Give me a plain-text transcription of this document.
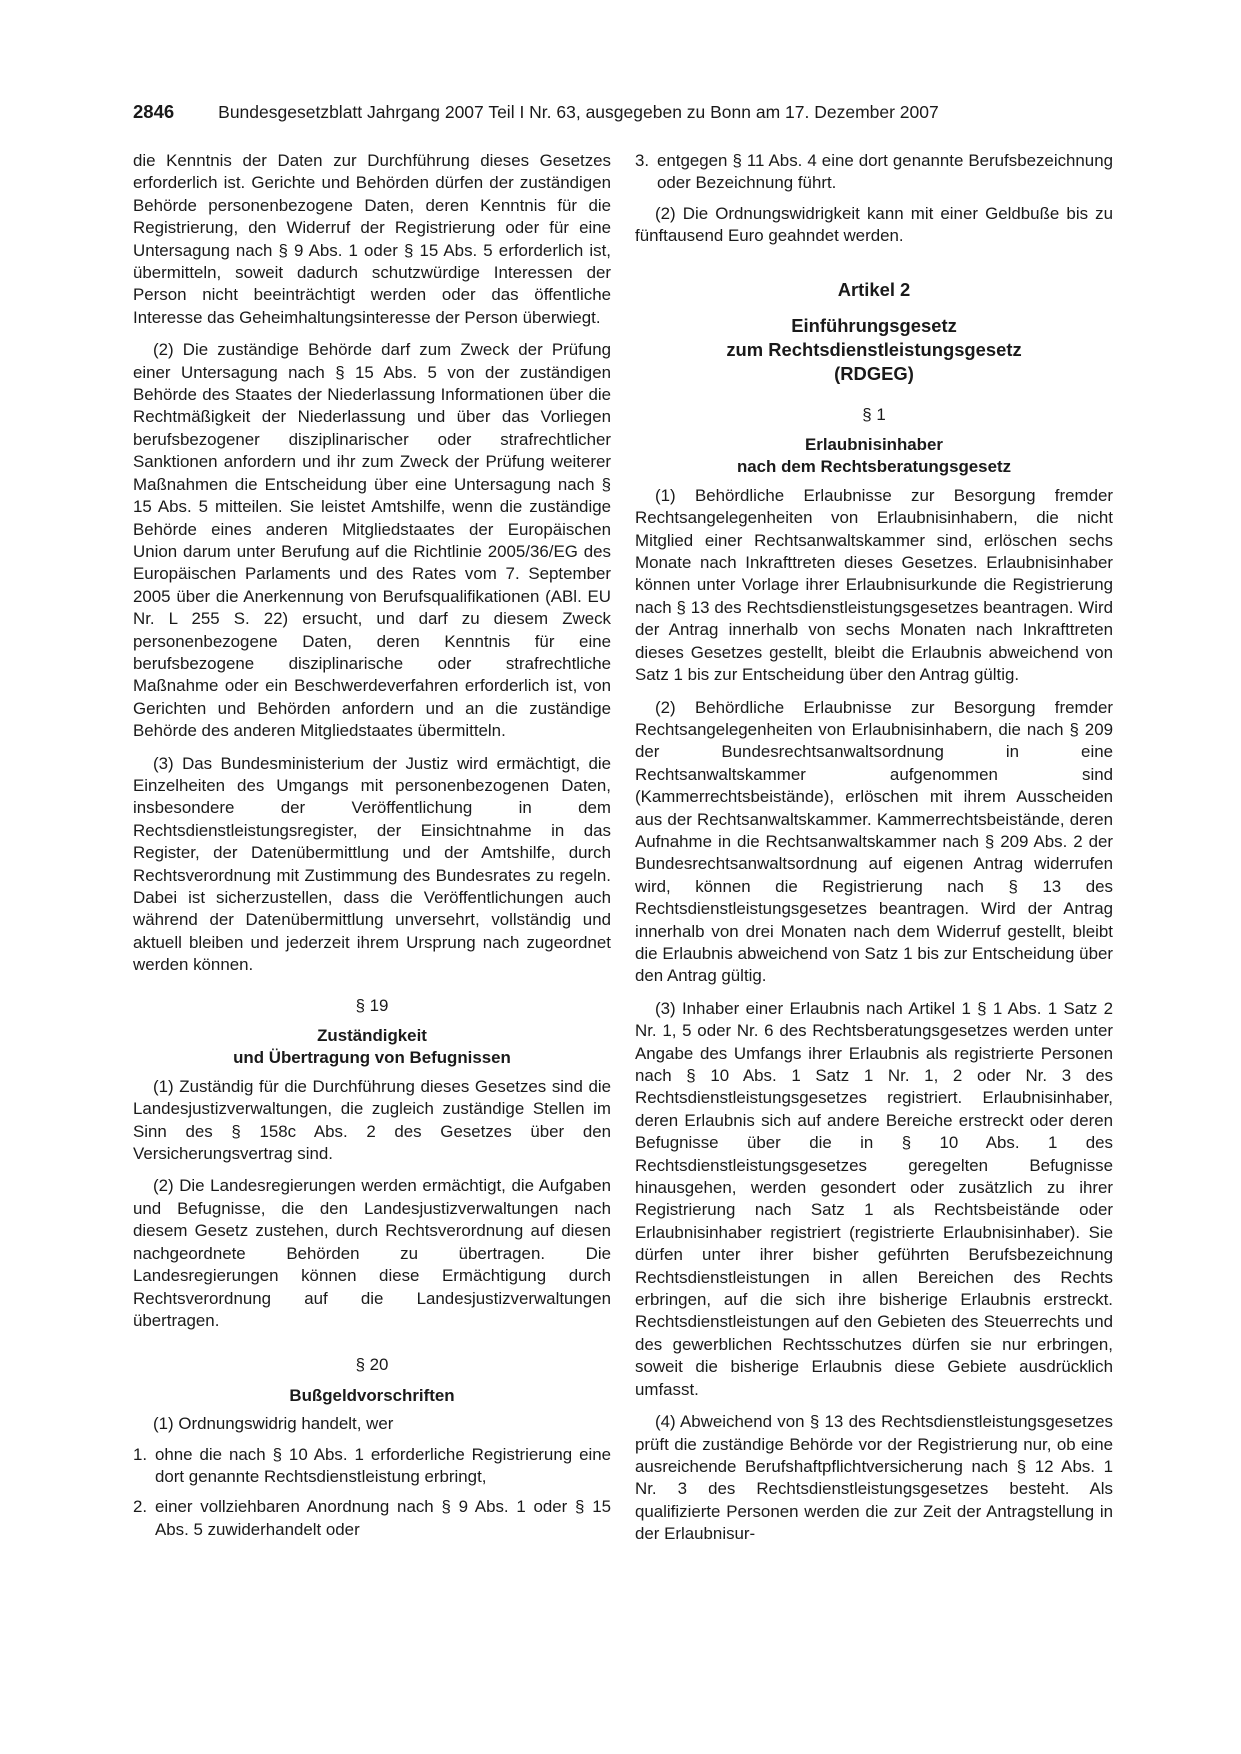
2846	Bundesgesetzblatt Jahrgang 2007 Teil I Nr. 63, ausgegeben zu Bonn am 17. Dezember 2007

die Kenntnis der Daten zur Durchführung dieses Gesetzes erforderlich ist. Gerichte und Behörden dürfen der zuständigen Behörde personenbezogene Daten, deren Kenntnis für die Registrierung, den Widerruf der Registrierung oder für eine Untersagung nach § 9 Abs. 1 oder § 15 Abs. 5 erforderlich ist, übermitteln, soweit dadurch schutzwürdige Interessen der Person nicht beeinträchtigt werden oder das öffentliche Interesse das Geheimhaltungsinteresse der Person überwiegt.

(2) Die zuständige Behörde darf zum Zweck der Prüfung einer Untersagung nach § 15 Abs. 5 von der zuständigen Behörde des Staates der Niederlassung Informationen über die Rechtmäßigkeit der Niederlassung und über das Vorliegen berufsbezogener disziplinarischer oder strafrechtlicher Sanktionen anfordern und ihr zum Zweck der Prüfung weiterer Maßnahmen die Entscheidung über eine Untersagung nach § 15 Abs. 5 mitteilen. Sie leistet Amtshilfe, wenn die zuständige Behörde eines anderen Mitgliedstaates der Europäischen Union darum unter Berufung auf die Richtlinie 2005/36/EG des Europäischen Parlaments und des Rates vom 7. September 2005 über die Anerkennung von Berufsqualifikationen (ABl. EU Nr. L 255 S. 22) ersucht, und darf zu diesem Zweck personenbezogene Daten, deren Kenntnis für eine berufsbezogene disziplinarische oder strafrechtliche Maßnahme oder ein Beschwerdeverfahren erforderlich ist, von Gerichten und Behörden anfordern und an die zuständige Behörde des anderen Mitgliedstaates übermitteln.

(3) Das Bundesministerium der Justiz wird ermächtigt, die Einzelheiten des Umgangs mit personenbezogenen Daten, insbesondere der Veröffentlichung in dem Rechtsdienstleistungsregister, der Einsichtnahme in das Register, der Datenübermittlung und der Amtshilfe, durch Rechtsverordnung mit Zustimmung des Bundesrates zu regeln. Dabei ist sicherzustellen, dass die Veröffentlichungen auch während der Datenübermittlung unversehrt, vollständig und aktuell bleiben und jederzeit ihrem Ursprung nach zugeordnet werden können.

§ 19
Zuständigkeit
und Übertragung von Befugnissen

(1) Zuständig für die Durchführung dieses Gesetzes sind die Landesjustizverwaltungen, die zugleich zuständige Stellen im Sinn des § 158c Abs. 2 des Gesetzes über den Versicherungsvertrag sind.

(2) Die Landesregierungen werden ermächtigt, die Aufgaben und Befugnisse, die den Landesjustizverwaltungen nach diesem Gesetz zustehen, durch Rechtsverordnung auf diesen nachgeordnete Behörden zu übertragen. Die Landesregierungen können diese Ermächtigung durch Rechtsverordnung auf die Landesjustizverwaltungen übertragen.

§ 20
Bußgeldvorschriften
(1) Ordnungswidrig handelt, wer
1. ohne die nach § 10 Abs. 1 erforderliche Registrierung eine dort genannte Rechtsdienstleistung erbringt,
2. einer vollziehbaren Anordnung nach § 9 Abs. 1 oder § 15 Abs. 5 zuwiderhandelt oder
3. entgegen § 11 Abs. 4 eine dort genannte Berufsbezeichnung oder Bezeichnung führt.

(2) Die Ordnungswidrigkeit kann mit einer Geldbuße bis zu fünftausend Euro geahndet werden.

Artikel 2
Einführungsgesetz
zum Rechtsdienstleistungsgesetz
(RDGEG)
§ 1
Erlaubnisinhaber
nach dem Rechtsberatungsgesetz

(1) Behördliche Erlaubnisse zur Besorgung fremder Rechtsangelegenheiten von Erlaubnisinhabern, die nicht Mitglied einer Rechtsanwaltskammer sind, erlöschen sechs Monate nach Inkrafttreten dieses Gesetzes. Erlaubnisinhaber können unter Vorlage ihrer Erlaubnisurkunde die Registrierung nach § 13 des Rechtsdienstleistungsgesetzes beantragen. Wird der Antrag innerhalb von sechs Monaten nach Inkrafttreten dieses Gesetzes gestellt, bleibt die Erlaubnis abweichend von Satz 1 bis zur Entscheidung über den Antrag gültig.

(2) Behördliche Erlaubnisse zur Besorgung fremder Rechtsangelegenheiten von Erlaubnisinhabern, die nach § 209 der Bundesrechtsanwaltsordnung in eine Rechtsanwaltskammer aufgenommen sind (Kammerrechtsbeistände), erlöschen mit ihrem Ausscheiden aus der Rechtsanwaltskammer. Kammerrechtsbeistände, deren Aufnahme in die Rechtsanwaltskammer nach § 209 Abs. 2 der Bundesrechtsanwaltsordnung auf eigenen Antrag widerrufen wird, können die Registrierung nach § 13 des Rechtsdienstleistungsgesetzes beantragen. Wird der Antrag innerhalb von drei Monaten nach dem Widerruf gestellt, bleibt die Erlaubnis abweichend von Satz 1 bis zur Entscheidung über den Antrag gültig.

(3) Inhaber einer Erlaubnis nach Artikel 1 § 1 Abs. 1 Satz 2 Nr. 1, 5 oder Nr. 6 des Rechtsberatungsgesetzes werden unter Angabe des Umfangs ihrer Erlaubnis als registrierte Personen nach § 10 Abs. 1 Satz 1 Nr. 1, 2 oder Nr. 3 des Rechtsdienstleistungsgesetzes registriert. Erlaubnisinhaber, deren Erlaubnis sich auf andere Bereiche erstreckt oder deren Befugnisse über die in § 10 Abs. 1 des Rechtsdienstleistungsgesetzes geregelten Befugnisse hinausgehen, werden gesondert oder zusätzlich zu ihrer Registrierung nach Satz 1 als Rechtsbeistände oder Erlaubnisinhaber registriert (registrierte Erlaubnisinhaber). Sie dürfen unter ihrer bisher geführten Berufsbezeichnung Rechtsdienstleistungen in allen Bereichen des Rechts erbringen, auf die sich ihre bisherige Erlaubnis erstreckt. Rechtsdienstleistungen auf den Gebieten des Steuerrechts und des gewerblichen Rechtsschutzes dürfen sie nur erbringen, soweit die bisherige Erlaubnis diese Gebiete ausdrücklich umfasst.

(4) Abweichend von § 13 des Rechtsdienstleistungsgesetzes prüft die zuständige Behörde vor der Registrierung nur, ob eine ausreichende Berufshaftpflichtversicherung nach § 12 Abs. 1 Nr. 3 des Rechtsdienstleistungsgesetzes besteht. Als qualifizierte Personen werden die zur Zeit der Antragstellung in der Erlaubnisur-
